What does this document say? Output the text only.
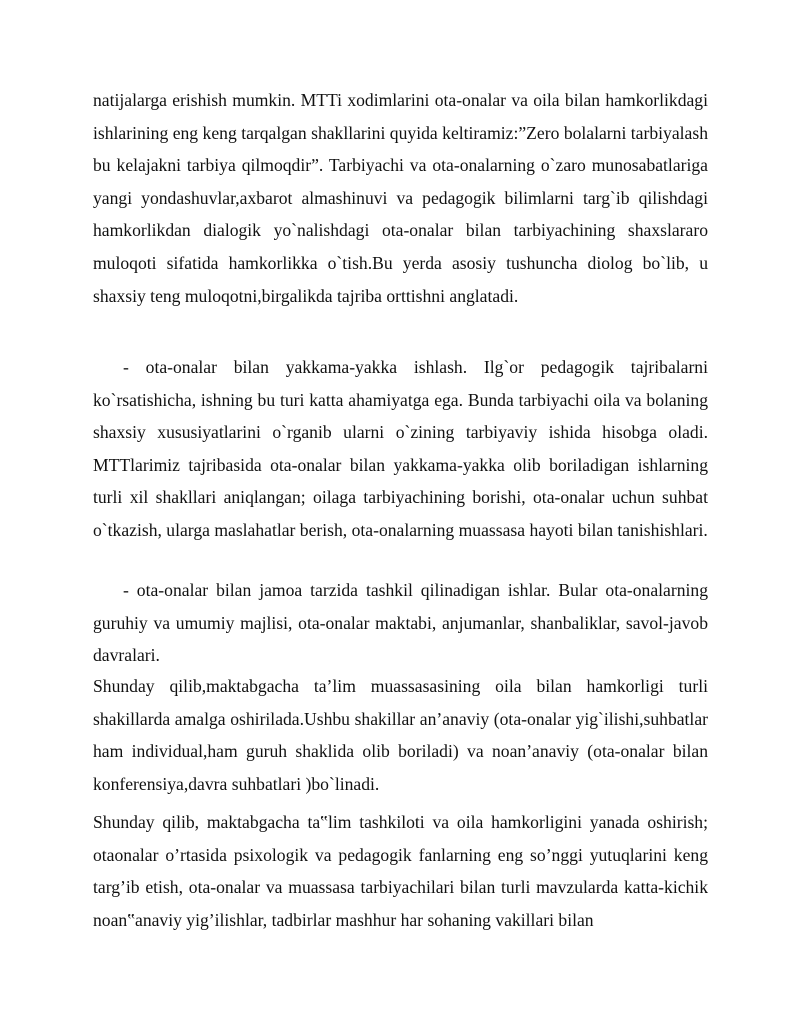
natijalarga erishish mumkin. MTTi xodimlarini ota-onalar va oila bilan hamkorlikdagi ishlarining eng keng tarqalgan shakllarini quyida keltiramiz:”Zero bolalarni tarbiyalash bu kelajakni tarbiya qilmoqdir”. Tarbiyachi va ota-onalarning o`zaro munosabatlariga yangi yondashuvlar,axbarot almashinuvi va pedagogik bilimlarni targ`ib qilishdagi hamkorlikdan dialogik yo`nalishdagi ota-onalar bilan tarbiyachining shaxslararo muloqoti sifatida hamkorlikka o`tish.Bu yerda asosiy tushuncha diolog bo`lib, u shaxsiy teng muloqotni,birgalikda tajriba orttishni anglatadi.

- ota-onalar bilan yakkama-yakka ishlash. Ilg`or pedagogik tajribalarni ko`rsatishicha, ishning bu turi katta ahamiyatga ega. Bunda tarbiyachi oila va bolaning shaxsiy xususiyatlarini o`rganib ularni o`zining tarbiyaviy ishida hisobga oladi. MTTlarimiz tajribasida ota-onalar bilan yakkama-yakka olib boriladigan ishlarning turli xil shakllari aniqlangan; oilaga tarbiyachining borishi, ota-onalar uchun suhbat o`tkazish, ularga maslahatlar berish, ota-onalarning muassasa hayoti bilan tanishishlari.

- ota-onalar bilan jamoa tarzida tashkil qilinadigan ishlar. Bular ota-onalarning guruhiy va umumiy majlisi, ota-onalar maktabi, anjumanlar, shanbaliklar, savol-javob davralari.

Shunday qilib,maktabgacha ta’lim muassasasining oila bilan hamkorligi turli shakillarda amalga oshirilada.Ushbu shakillar an’anaviy (ota-onalar yig`ilishi,suhbatlar ham individual,ham guruh shaklida olib boriladi) va noan’anaviy (ota-onalar bilan konferensiya,davra suhbatlari )bo`linadi.

Shunday qilib, maktabgacha ta‟lim tashkiloti va oila hamkorligini yanada oshirish; otaonalar o’rtasida psixologik va pedagogik fanlarning eng so’nggi yutuqlarini keng targ’ib etish, ota-onalar va muassasa tarbiyachilari bilan turli mavzularda katta-kichik noan‟anaviy yig’ilishlar, tadbirlar mashhur har sohaning vakillari bilan
